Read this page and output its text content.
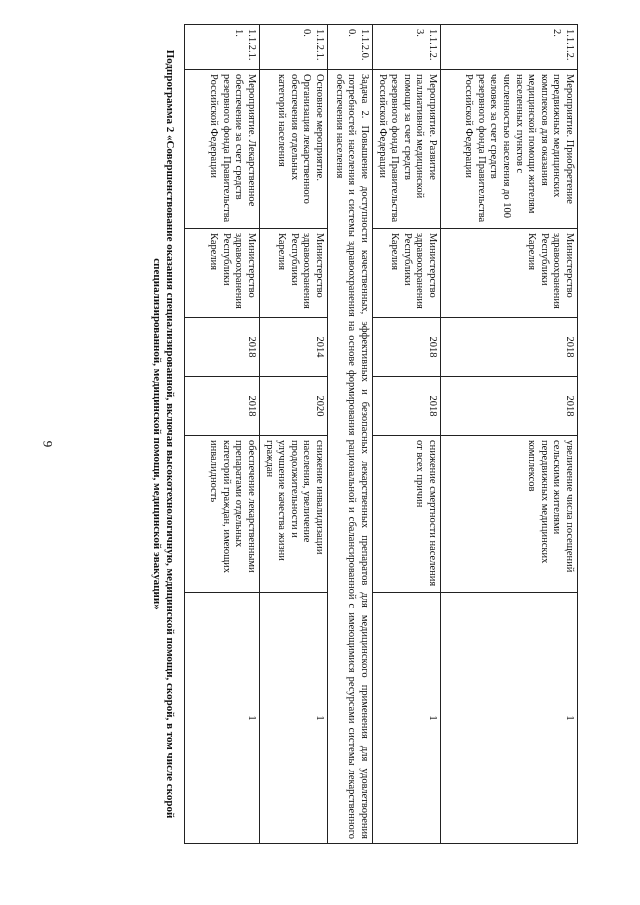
9
1.1.1.2.2.	Мероприятие. Приобретение передвижных медицинских комплексов для оказания медицинской помощи жителям населенных пунктов с численностью населения до 100 человек за счет средств резервного фонда Правительства Российской Федерации	Министерство здравоохранения Республики Карелия	2018	2018	увеличение числа посещений сельскими жителями передвижных медицинских комплексов	1
1.1.1.2.3.	Мероприятие. Развитие паллиативной медицинской помощи за счет средств резервного фонда Правительства Российской Федерации	Министерство здравоохранения Республики Карелия	2018	2018	снижение смертности населения от всех причин	1
1.1.2.0.0.	Задача 2. Повышение доступности качественных, эффективных и безопасных лекарственных препаратов для медицинского применения для удовлетворения потребностей населения и системы здравоохранения на основе формирования рациональной и сбалансированной с имеющимися ресурсами системы лекарственного обеспечения населения					
1.1.2.1.0.	Основное мероприятие. Организация лекарственного обеспечения отдельных категорий населения	Министерство здравоохранения Республики Карелия	2014	2020	снижение инвалидизации населения, увеличение продолжительности и улучшение качества жизни граждан	1
1.1.2.1.1.	Мероприятие. Лекарственное обеспечение за счет средств резервного фонда Правительства Российской Федерации	Министерство здравоохранения Республики Карелия	2018	2018	обеспечение лекарственными препаратами отдельных категорий граждан, имеющих инвалидность	1
Подпрограмма 2 «Совершенствование оказания специализированной, включая высокотехнологичную, медицинской помощи, скорой, в том числе скорой специализированной, медицинской помощи, медицинской эвакуации»
